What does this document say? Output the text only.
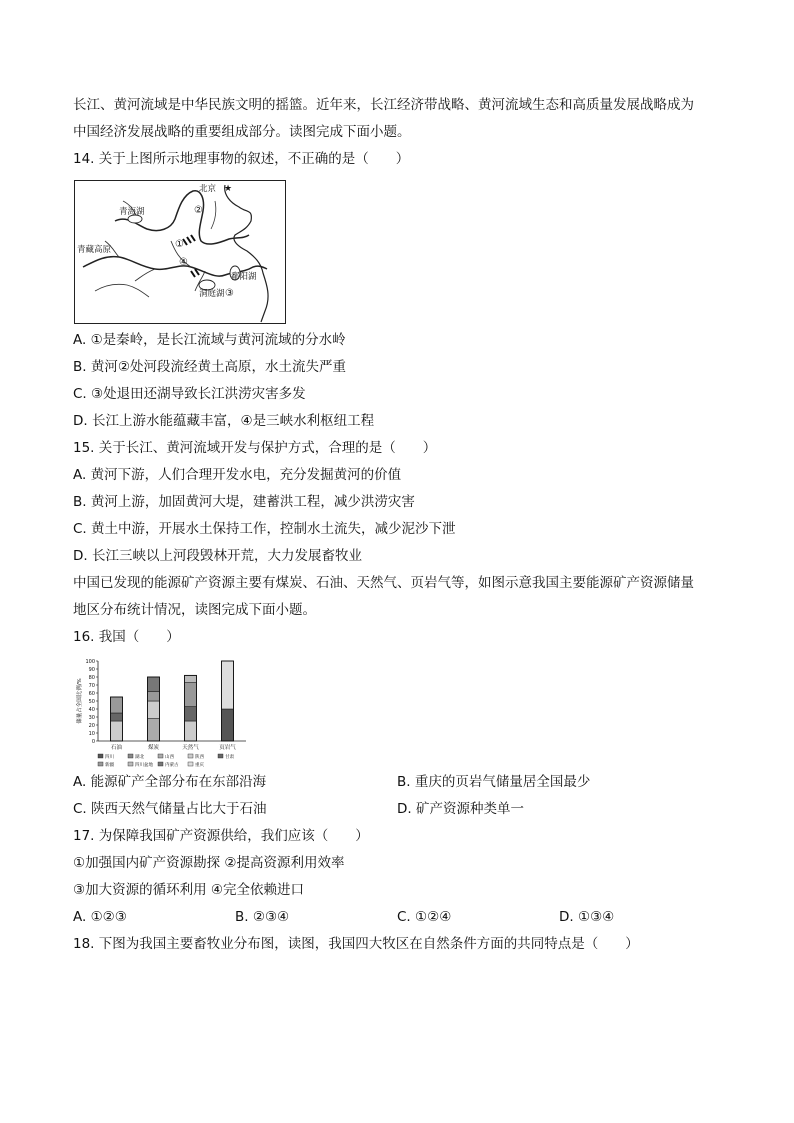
长江、黄河流域是中华民族文明的摇篮。近年来，长江经济带战略、黄河流域生态和高质量发展战略成为
中国经济发展战略的重要组成部分。读图完成下面小题。
14. 关于上图所示地理事物的叙述，不正确的是（　　）
★
北京
青海湖
青藏高原
鄱阳湖
洞庭湖
①
②
③
④
A. ①是秦岭，是长江流域与黄河流域的分水岭
B. 黄河②处河段流经黄土高原，水土流失严重
C. ③处退田还湖导致长江洪涝灾害多发
D. 长江上游水能蕴藏丰富，④是三峡水利枢纽工程
15. 关于长江、黄河流域开发与保护方式，合理的是（　　）
A. 黄河下游，人们合理开发水电，充分发掘黄河的价值
B. 黄河上游，加固黄河大堤，建蓄洪工程，减少洪涝灾害
C. 黄土中游，开展水土保持工作，控制水土流失，减少泥沙下泄
D. 长江三峡以上河段毁林开荒，大力发展畜牧业
中国已发现的能源矿产资源主要有煤炭、石油、天然气、页岩气等，如图示意我国主要能源矿产资源储量
地区分布统计情况，读图完成下面小题。
16. 我国（　　）
储量占全国比例/%
0
10
20
30
40
50
60
70
80
90
100
石油	煤炭	天然气	页岩气
四川	湖北	山西	陕西	甘肃
新疆	四川盆地	内蒙古	重庆
A. 能源矿产全部分布在东部沿海	B. 重庆的页岩气储量居全国最少
C. 陕西天然气储量占比大于石油	D. 矿产资源种类单一
17. 为保障我国矿产资源供给，我们应该（　　）
①加强国内矿产资源勘探 ②提高资源利用效率
③加大资源的循环利用 ④完全依赖进口
A. ①②③	B. ②③④	C. ①②④	D. ①③④
18. 下图为我国主要畜牧业分布图，读图，我国四大牧区在自然条件方面的共同特点是（　　）
